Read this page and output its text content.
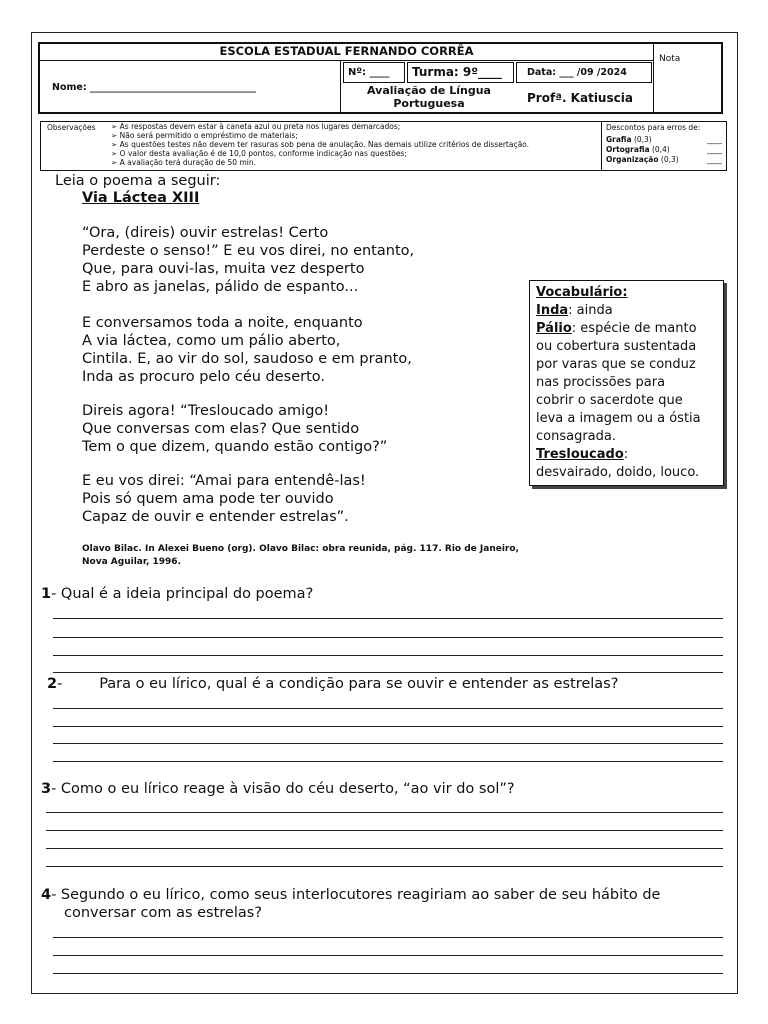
ESCOLA ESTADUAL FERNANDO CORRÊA
Nota
Nome: ___________________________________
Nº: ____	Turma: 9º____	Data: ___ /09 /2024
Avaliação de Língua
Portuguesa	Profª. Katiuscia
Observações ➢ As respostas devem estar à caneta azul ou preta nos lugares demarcados;
➢ Não será permitido o empréstimo de materiais;
➢ As questões testes não devem ter rasuras sob pena de anulação. Nas demais utilize critérios de dissertação.
➢ O valor desta avaliação é de 10,0 pontos, conforme indicação nas questões;
➢ A avaliação terá duração de 50 min.
Descontos para erros de:
Grafia (0,3)	____
Ortografia (0,4)	____
Organização (0,3)	____
Leia o poema a seguir:
Via Láctea XIII
“Ora, (direis) ouvir estrelas! Certo
Perdeste o senso!” E eu vos direi, no entanto,
Que, para ouvi-las, muita vez desperto
E abro as janelas, pálido de espanto...
E conversamos toda a noite, enquanto
A via láctea, como um pálio aberto,
Cintila. E, ao vir do sol, saudoso e em pranto,
Inda as procuro pelo céu deserto.
Direis agora! “Tresloucado amigo!
Que conversas com elas? Que sentido
Tem o que dizem, quando estão contigo?”
E eu vos direi: “Amai para entendê-las!
Pois só quem ama pode ter ouvido
Capaz de ouvir e entender estrelas”.
Vocabulário:
Inda: ainda
Pálio: espécie de manto
ou cobertura sustentada
por varas que se conduz
nas procissões para
cobrir o sacerdote que
leva a imagem ou a óstia
consagrada.
Tresloucado:
desvairado, doido, louco.
Olavo Bilac. In Alexei Bueno (org). Olavo Bilac: obra reunida, pág. 117. Rio de Janeiro,
Nova Aguilar, 1996.
1- Qual é a ideia principal do poema?
2-        Para o eu lírico, qual é a condição para se ouvir e entender as estrelas?
3- Como o eu lírico reage à visão do céu deserto, “ao vir do sol”?
4- Segundo o eu lírico, como seus interlocutores reagiriam ao saber de seu hábito de
conversar com as estrelas?
